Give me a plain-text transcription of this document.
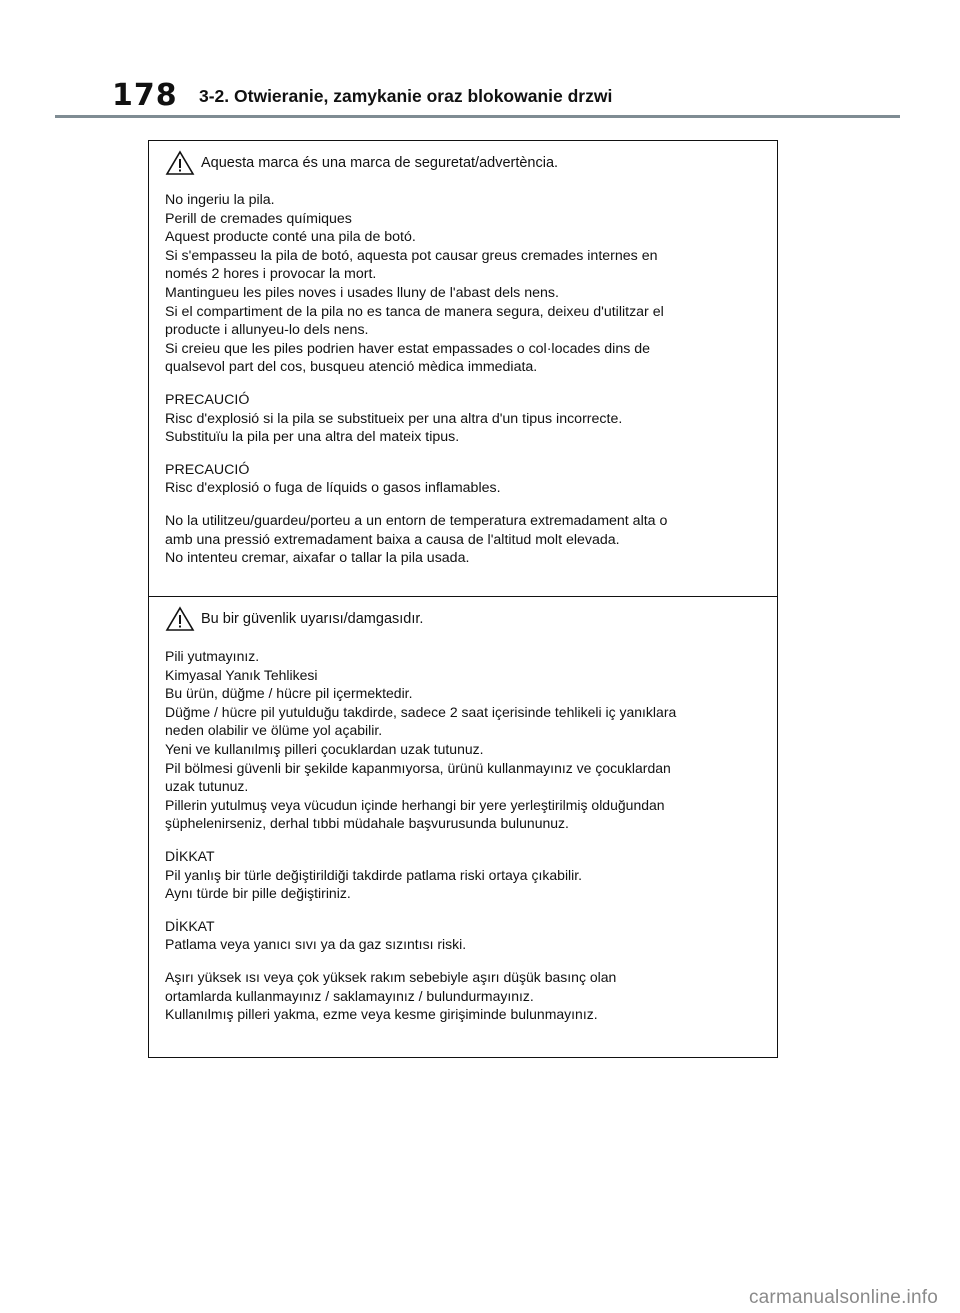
178 3-2. Otwieranie, zamykanie oraz blokowanie drzwi
Aquesta marca és una marca de seguretat/advertència.
No ingeriu la pila.
Perill de cremades químiques
Aquest producte conté una pila de botó.
Si s'empasseu la pila de botó, aquesta pot causar greus cremades internes en
només 2 hores i provocar la mort.
Mantingueu les piles noves i usades lluny de l'abast dels nens.
Si el compartiment de la pila no es tanca de manera segura, deixeu d'utilitzar el
producte i allunyeu-lo dels nens.
Si creieu que les piles podrien haver estat empassades o col·locades dins de
qualsevol part del cos, busqueu atenció mèdica immediata.
PRECAUCIÓ
Risc d'explosió si la pila se substitueix per una altra d'un tipus incorrecte.
Substituïu la pila per una altra del mateix tipus.
PRECAUCIÓ
Risc d'explosió o fuga de líquids o gasos inflamables.
No la utilitzeu/guardeu/porteu a un entorn de temperatura extremadament alta o
amb una pressió extremadament baixa a causa de l'altitud molt elevada.
No intenteu cremar, aixafar o tallar la pila usada.
Bu bir güvenlik uyarısı/damgasıdır.
Pili yutmayınız.
Kimyasal Yanık Tehlikesi
Bu ürün, düğme / hücre pil içermektedir.
Düğme / hücre pil yutulduğu takdirde, sadece 2 saat içerisinde tehlikeli iç yanıklara
neden olabilir ve ölüme yol açabilir.
Yeni ve kullanılmış pilleri çocuklardan uzak tutunuz.
Pil bölmesi güvenli bir şekilde kapanmıyorsa, ürünü kullanmayınız ve çocuklardan
uzak tutunuz.
Pillerin yutulmuş veya vücudun içinde herhangi bir yere yerleştirilmiş olduğundan
şüphelenirseniz, derhal tıbbi müdahale başvurusunda bulununuz.
DİKKAT
Pil yanlış bir türle değiştirildiği takdirde patlama riski ortaya çıkabilir.
Aynı türde bir pille değiştiriniz.
DİKKAT
Patlama veya yanıcı sıvı ya da gaz sızıntısı riski.
Aşırı yüksek ısı veya çok yüksek rakım sebebiyle aşırı düşük basınç olan
ortamlarda kullanmayınız / saklamayınız / bulundurmayınız.
Kullanılmış pilleri yakma, ezme veya kesme girişiminde bulunmayınız.
carmanualsonline.info
